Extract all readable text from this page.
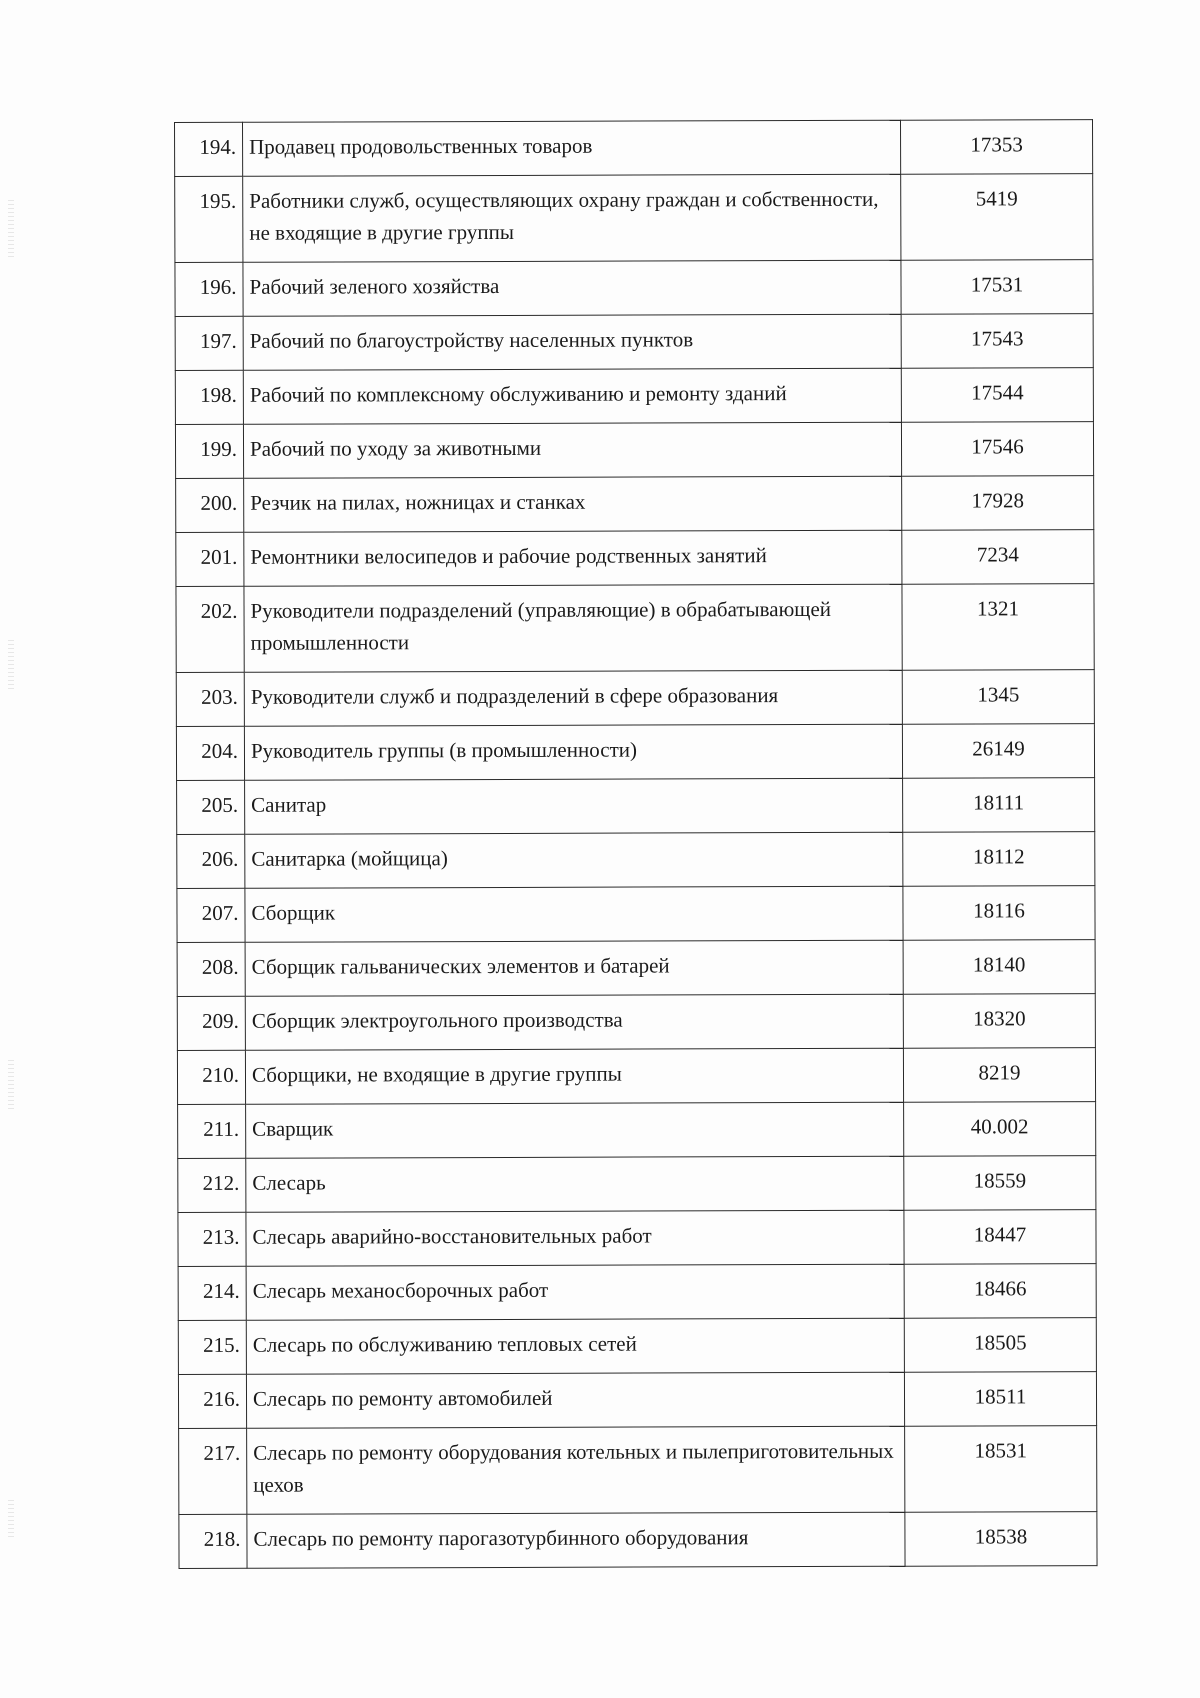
194.	Продавец продовольственных товаров	17353
195.	Работники служб, осуществляющих охрану граждан и собственности, не входящие в другие группы	5419
196.	Рабочий зеленого хозяйства	17531
197.	Рабочий по благоустройству населенных пунктов	17543
198.	Рабочий по комплексному обслуживанию и ремонту зданий	17544
199.	Рабочий по уходу за животными	17546
200.	Резчик на пилах, ножницах и станках	17928
201.	Ремонтники велосипедов и рабочие родственных занятий	7234
202.	Руководители подразделений (управляющие) в обрабатывающей промышленности	1321
203.	Руководители служб и подразделений в сфере образования	1345
204.	Руководитель группы (в промышленности)	26149
205.	Санитар	18111
206.	Санитарка (мойщица)	18112
207.	Сборщик	18116
208.	Сборщик гальванических элементов и батарей	18140
209.	Сборщик электроугольного производства	18320
210.	Сборщики, не входящие в другие группы	8219
211.	Сварщик	40.002
212.	Слесарь	18559
213.	Слесарь аварийно-восстановительных работ	18447
214.	Слесарь механосборочных работ	18466
215.	Слесарь по обслуживанию тепловых сетей	18505
216.	Слесарь по ремонту автомобилей	18511
217.	Слесарь по ремонту оборудования котельных и пылеприготовительных цехов	18531
218.	Слесарь по ремонту парогазотурбинного оборудования	18538
